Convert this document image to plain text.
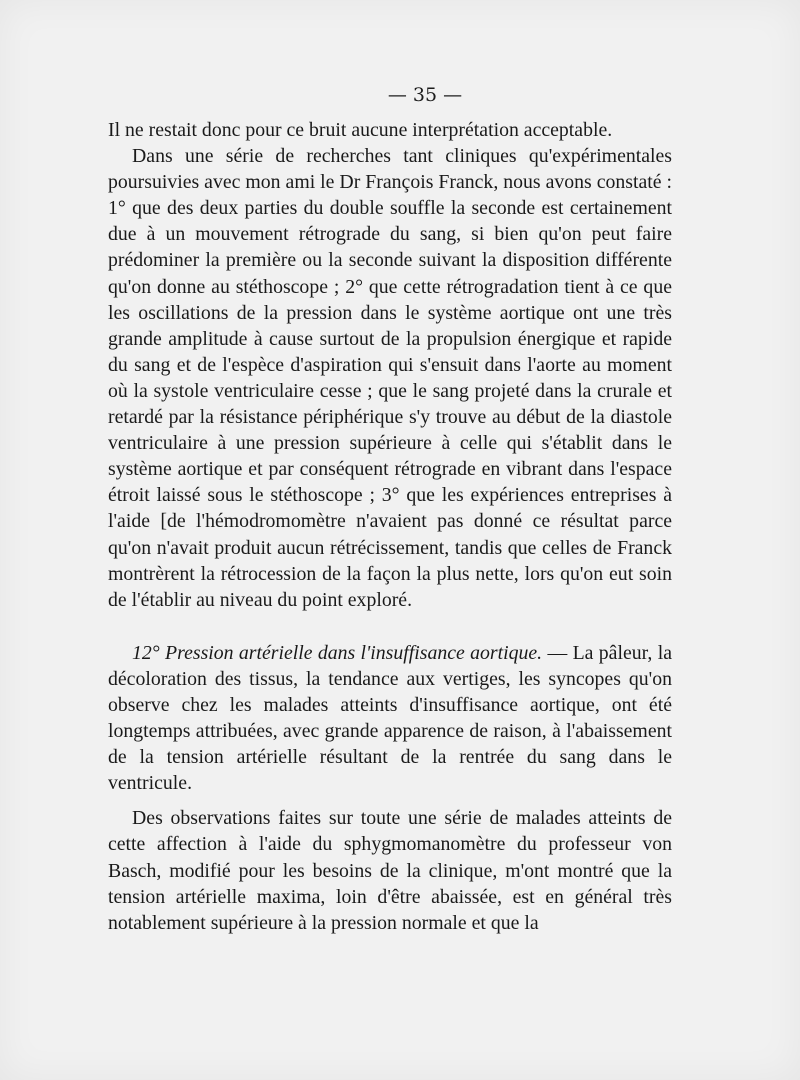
— 35 —

Il ne restait donc pour ce bruit aucune interprétation acceptable.

Dans une série de recherches tant cliniques qu'expérimentales poursuivies avec mon ami le Dr François Franck, nous avons constaté : 1° que des deux parties du double souffle la seconde est certainement due à un mouvement rétrograde du sang, si bien qu'on peut faire prédominer la première ou la seconde suivant la disposition différente qu'on donne au stéthoscope ; 2° que cette rétrogradation tient à ce que les oscillations de la pression dans le système aortique ont une très grande amplitude à cause surtout de la propulsion énergique et rapide du sang et de l'espèce d'aspiration qui s'ensuit dans l'aorte au moment où la systole ventriculaire cesse ; que le sang projeté dans la crurale et retardé par la résistance périphérique s'y trouve au début de la diastole ventriculaire à une pression supérieure à celle qui s'établit dans le système aortique et par conséquent rétrograde en vibrant dans l'espace étroit laissé sous le stéthoscope ; 3° que les expériences entreprises à l'aide [de l'hémodromomètre n'avaient pas donné ce résultat parce qu'on n'avait produit aucun rétrécissement, tandis que celles de Franck montrèrent la rétrocession de la façon la plus nette, lors qu'on eut soin de l'établir au niveau du point exploré.

12° Pression artérielle dans l'insuffisance aortique. — La pâleur, la décoloration des tissus, la tendance aux vertiges, les syncopes qu'on observe chez les malades atteints d'insuffisance aortique, ont été longtemps attribuées, avec grande apparence de raison, à l'abaissement de la tension artérielle résultant de la rentrée du sang dans le ventricule.

Des observations faites sur toute une série de malades atteints de cette affection à l'aide du sphygmomanomètre du professeur von Basch, modifié pour les besoins de la clinique, m'ont montré que la tension artérielle maxima, loin d'être abaissée, est en général très notablement supérieure à la pression normale et que la
